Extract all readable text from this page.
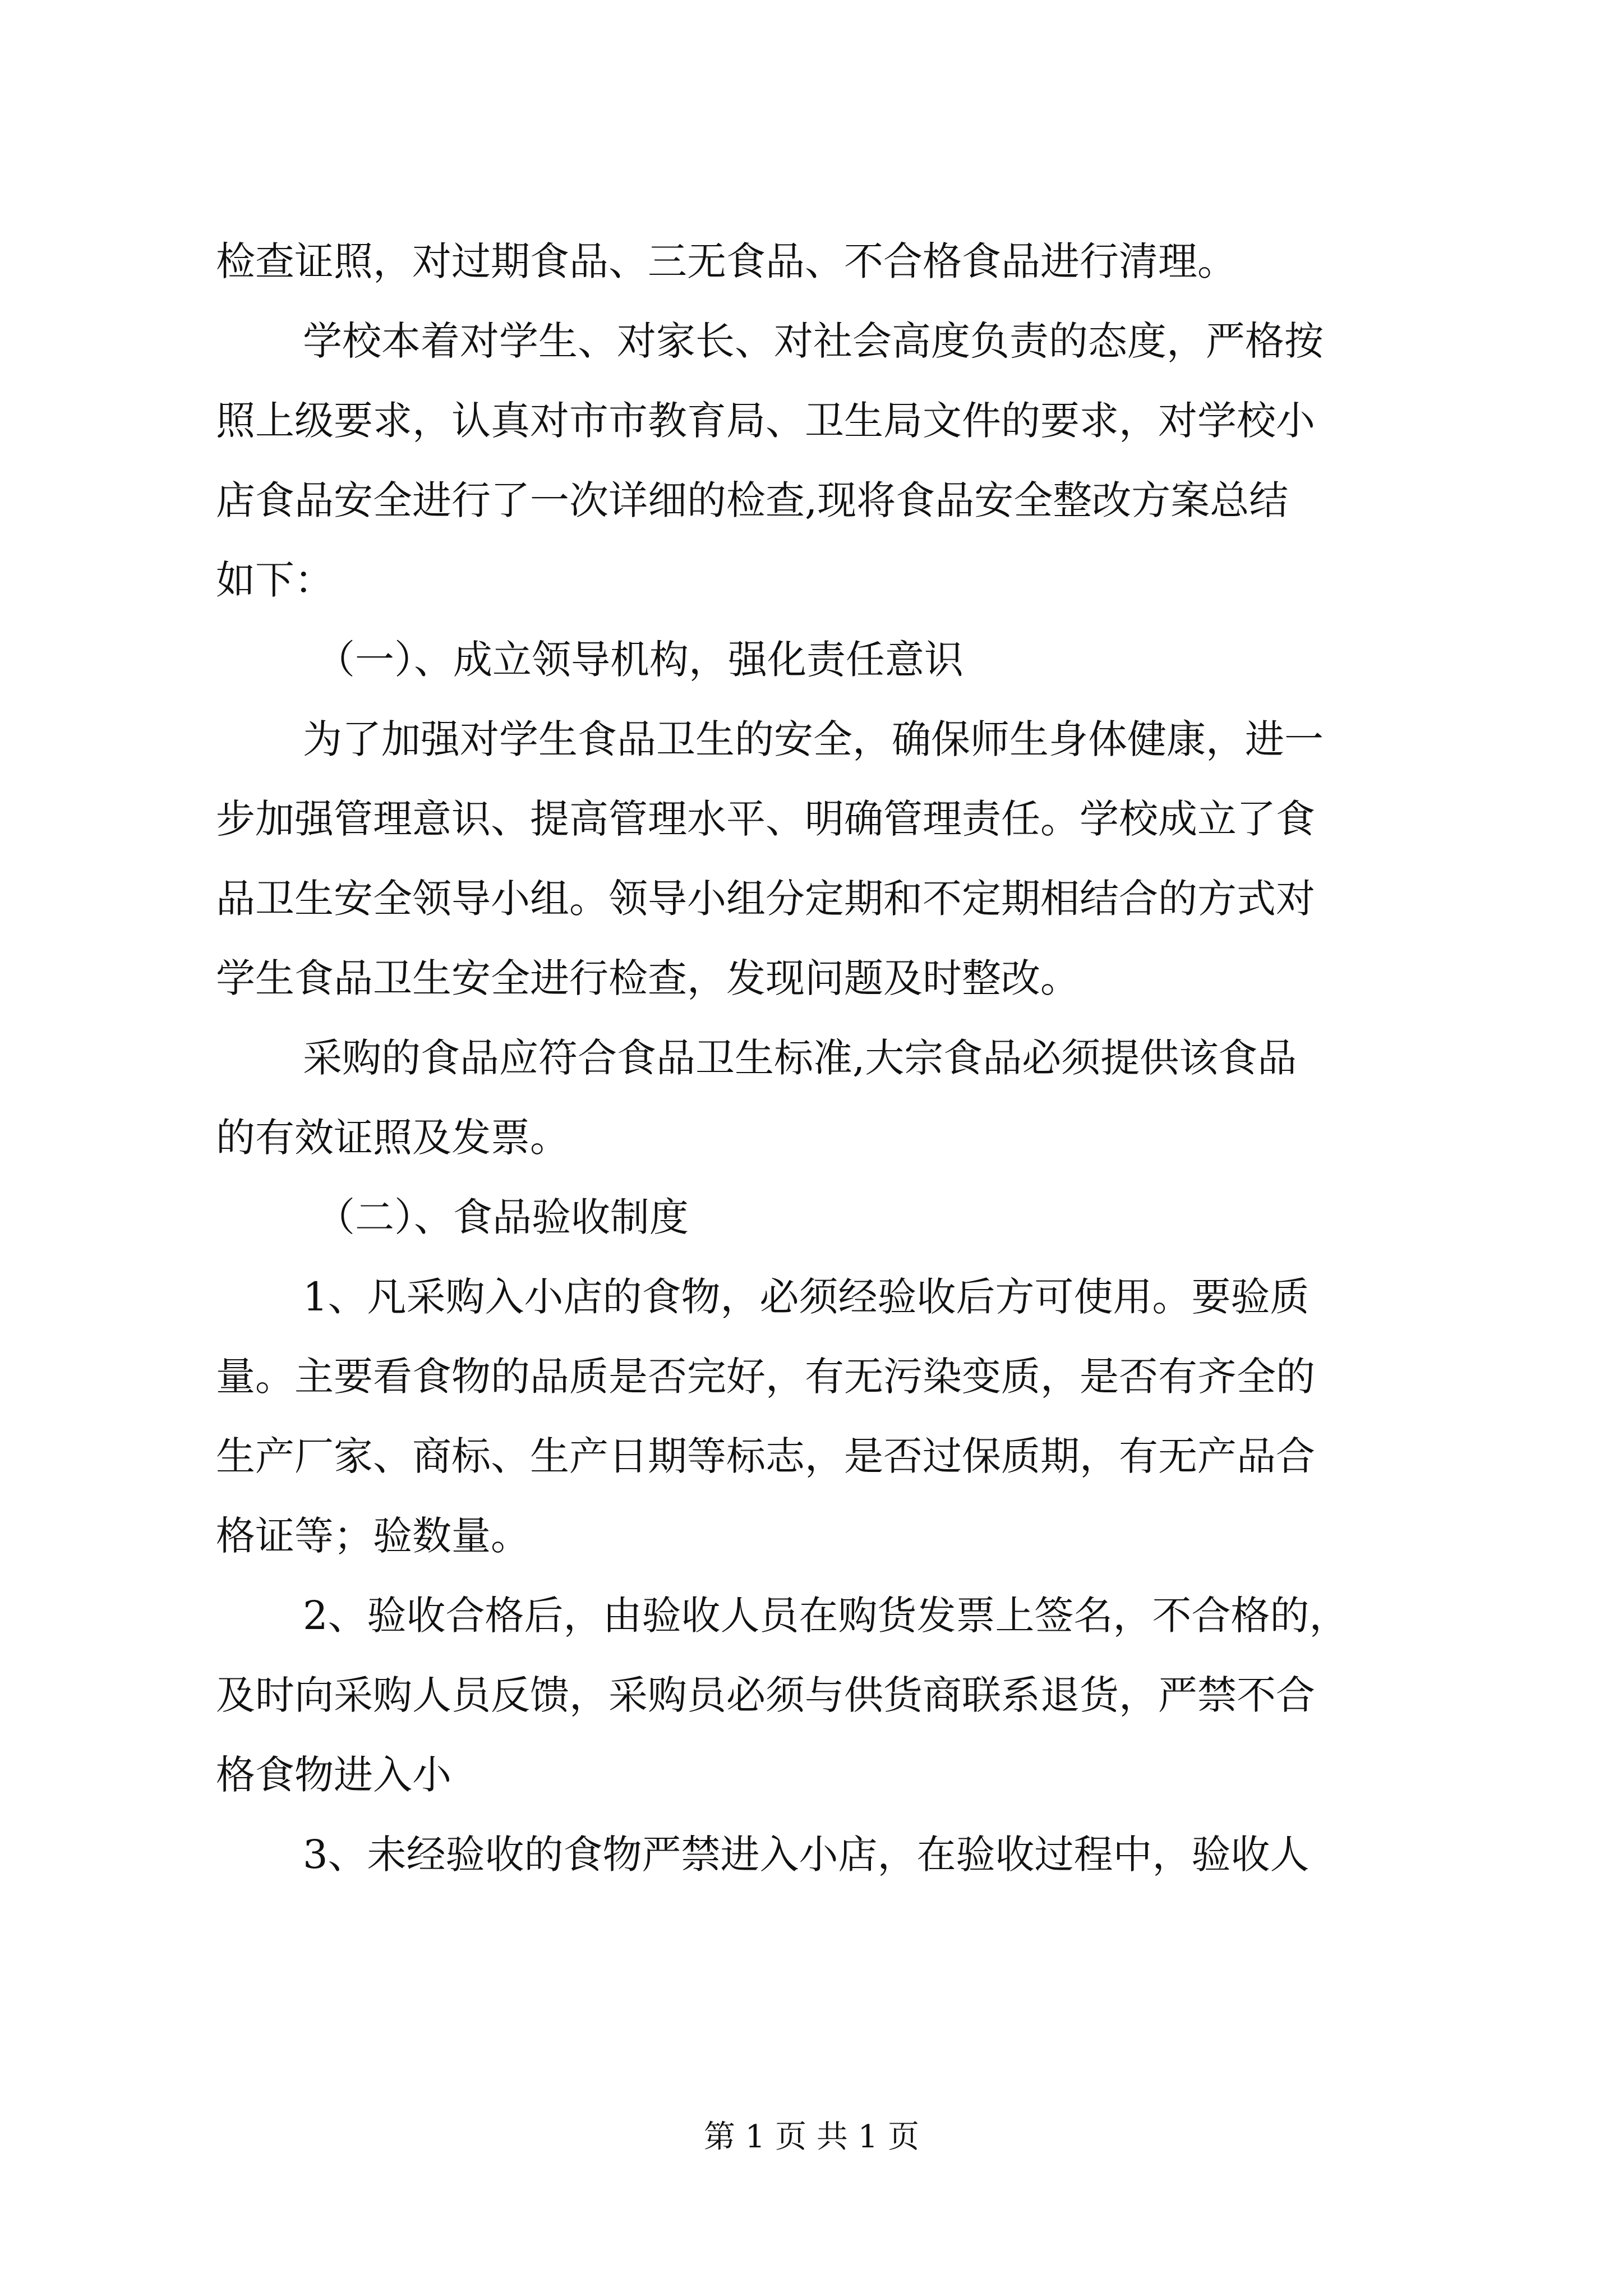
检查证照，对过期食品、三无食品、不合格食品进行清理。
学校本着对学生、对家长、对社会高度负责的态度，严格按
照上级要求，认真对市市教育局、卫生局文件的要求，对学校小
店食品安全进行了一次详细的检查,现将食品安全整改方案总结
如下：
（一）、成立领导机构，强化责任意识
为了加强对学生食品卫生的安全，确保师生身体健康，进一
步加强管理意识、提高管理水平、明确管理责任。学校成立了食
品卫生安全领导小组。领导小组分定期和不定期相结合的方式对
学生食品卫生安全进行检查，发现问题及时整改。
采购的食品应符合食品卫生标准,大宗食品必须提供该食品
的有效证照及发票。
（二）、食品验收制度
1、凡采购入小店的食物，必须经验收后方可使用。要验质
量。主要看食物的品质是否完好，有无污染变质，是否有齐全的
生产厂家、商标、生产日期等标志，是否过保质期，有无产品合
格证等；验数量。
2、验收合格后，由验收人员在购货发票上签名，不合格的，
及时向采购人员反馈，采购员必须与供货商联系退货，严禁不合
格食物进入小
3、未经验收的食物严禁进入小店，在验收过程中，验收人
第 1 页 共 1 页
